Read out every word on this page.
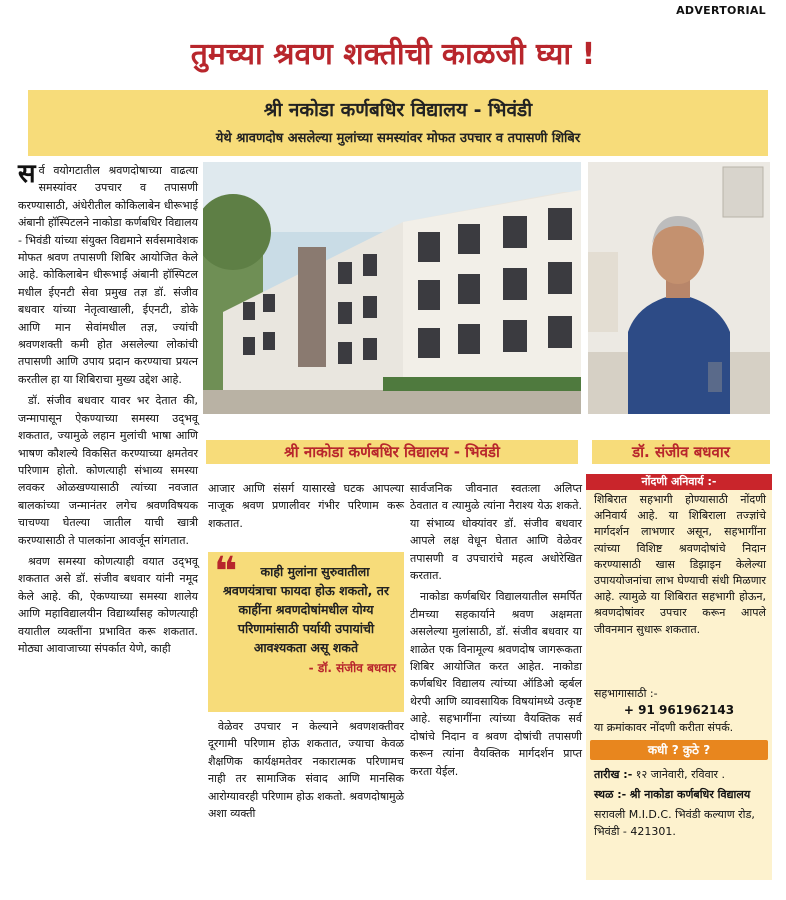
ADVERTORIAL
तुमच्या श्रवण शक्तीची काळजी घ्या !
श्री नकोडा कर्णबधिर विद्यालय - भिवंडी
येथे श्रावणदोष असलेल्या मुलांच्या समस्यांवर मोफत उपचार व तपासणी शिबिर

सर्व वयोगटातील श्रवणदोषाच्या वाढत्या समस्यांवर उपचार व तपासणी करण्यासाठी, अंधेरीतील कोकिलाबेन धीरूभाई अंबानी हॉस्पिटलने नाकोडा कर्णबधिर विद्यालय - भिवंडी यांच्या संयुक्त विद्यमाने सर्वसमावेशक मोफत श्रवण तपासणी शिबिर आयोजित केले आहे. कोकिलाबेन धीरूभाई अंबानी हॉस्पिटल मधील ईएनटी सेवा प्रमुख तज्ञ डॉ. संजीव बधवार यांच्या नेतृत्वाखाली, ईएनटी, डोके आणि मान सेवांमधील तज्ञ, ज्यांची श्रवणशक्ती कमी होत असलेल्या लोकांची तपासणी आणि उपाय प्रदान करण्याचा प्रयत्न करतील हा या शिबिराचा मुख्य उद्देश आहे.

डॉ. संजीव बधवार यावर भर देतात की, जन्मापासून ऐकण्याच्या समस्या उद्‌भवू शकतात, ज्यामुळे लहान मुलांची भाषा आणि भाषण कौशल्ये विकसित करण्याच्या क्षमतेवर परिणाम होतो. कोणत्याही संभाव्य समस्या लवकर ओळखण्यासाठी त्यांच्या नवजात बालकांच्या जन्मानंतर लगेच श्रवणविषयक चाचण्या घेतल्या जातील याची खात्री करण्यासाठी ते पालकांना आवर्जून सांगतात.

श्रवण समस्या कोणत्याही वयात उद्‌भवू शकतात असे डॉ. संजीव बधवार यांनी नमूद केले आहे. की, ऐकण्याच्या समस्या शालेय आणि महाविद्यालयीन विद्यार्थ्यांसह कोणत्याही वयातील व्यक्तींना प्रभावित करू शकतात. मोठ्या आवाजाच्या संपर्कात येणे, काही

श्री नाकोडा कर्णबधिर विद्यालय - भिवंडी	डॉ. संजीव बधवार

आजार आणि संसर्ग यासारखे घटक आपल्या नाजूक श्रवण प्रणालीवर गंभीर परिणाम करू शकतात.

❝	काही मुलांना सुरुवातीला श्रवणयंत्राचा फायदा होऊ शकतो, तर काहींना श्रवणदोषांमधील योग्य परिणामांसाठी पर्यायी उपायांची आवश्यकता असू शकते
- डॉ. संजीव बधवार

वेळेवर उपचार न केल्याने श्रवणशक्तीवर दूरगामी परिणाम होऊ शकतात, ज्याचा केवळ शैक्षणिक कार्यक्षमतेवर नकारात्मक परिणामच नाही तर सामाजिक संवाद आणि मानसिक आरोग्यावरही परिणाम होऊ शकतो. श्रवणदोषामुळे अशा व्यक्ती

सार्वजनिक जीवनात स्वतःला अलिप्त ठेवतात व त्यामुळे त्यांना नैराश्य येऊ शकते. या संभाव्य धोक्यांवर डॉ. संजीव बधवार आपले लक्ष वेधून घेतात आणि वेळेवर तपासणी व उपचारांचे महत्व अधोरेखित करतात.

नाकोडा कर्णबधिर विद्यालयातील समर्पित टीमच्या सहकार्याने श्रवण अक्षमता असलेल्या मुलांसाठी, डॉ. संजीव बधवार या शाळेत एक विनामूल्य श्रवणदोष जागरूकता शिबिर आयोजित करत आहेत. नाकोडा कर्णबधिर विद्यालय त्यांच्या ऑडिओ व्हर्बल थेरपी आणि व्यावसायिक विषयांमध्ये उत्कृष्ट आहे. सहभागींना त्यांच्या वैयक्तिक सर्व दोषांचे निदान व श्रवण दोषांची तपासणी करून त्यांना वैयक्तिक मार्गदर्शन प्राप्त करता येईल.

नोंदणी अनिवार्य :-
शिबिरात सहभागी होण्यासाठी नोंदणी अनिवार्य आहे. या शिबिराला तज्ज्ञांचे मार्गदर्शन लाभणार असून, सहभागींना त्यांच्या विशिष्ट श्रवणदोषांचे निदान करण्यासाठी खास डिझाइन केलेल्या उपाययोजनांचा लाभ घेण्याची संधी मिळणार आहे. त्यामुळे या शिबिरात सहभागी होऊन, श्रवणदोषांवर उपचार करून आपले जीवनमान सुधारू शकतात.
सहभागासाठी :-
+ 91 961962143
या क्रमांकावर नोंदणी करीता संपर्क.
कधी ? कुठे ?
तारीख :- १२ जानेवारी, रविवार .
स्थळ :- श्री नाकोडा कर्णबधिर विद्यालय
सरावली M.I.D.C. भिवंडी कल्याण रोड, भिवंडी - 421301.
